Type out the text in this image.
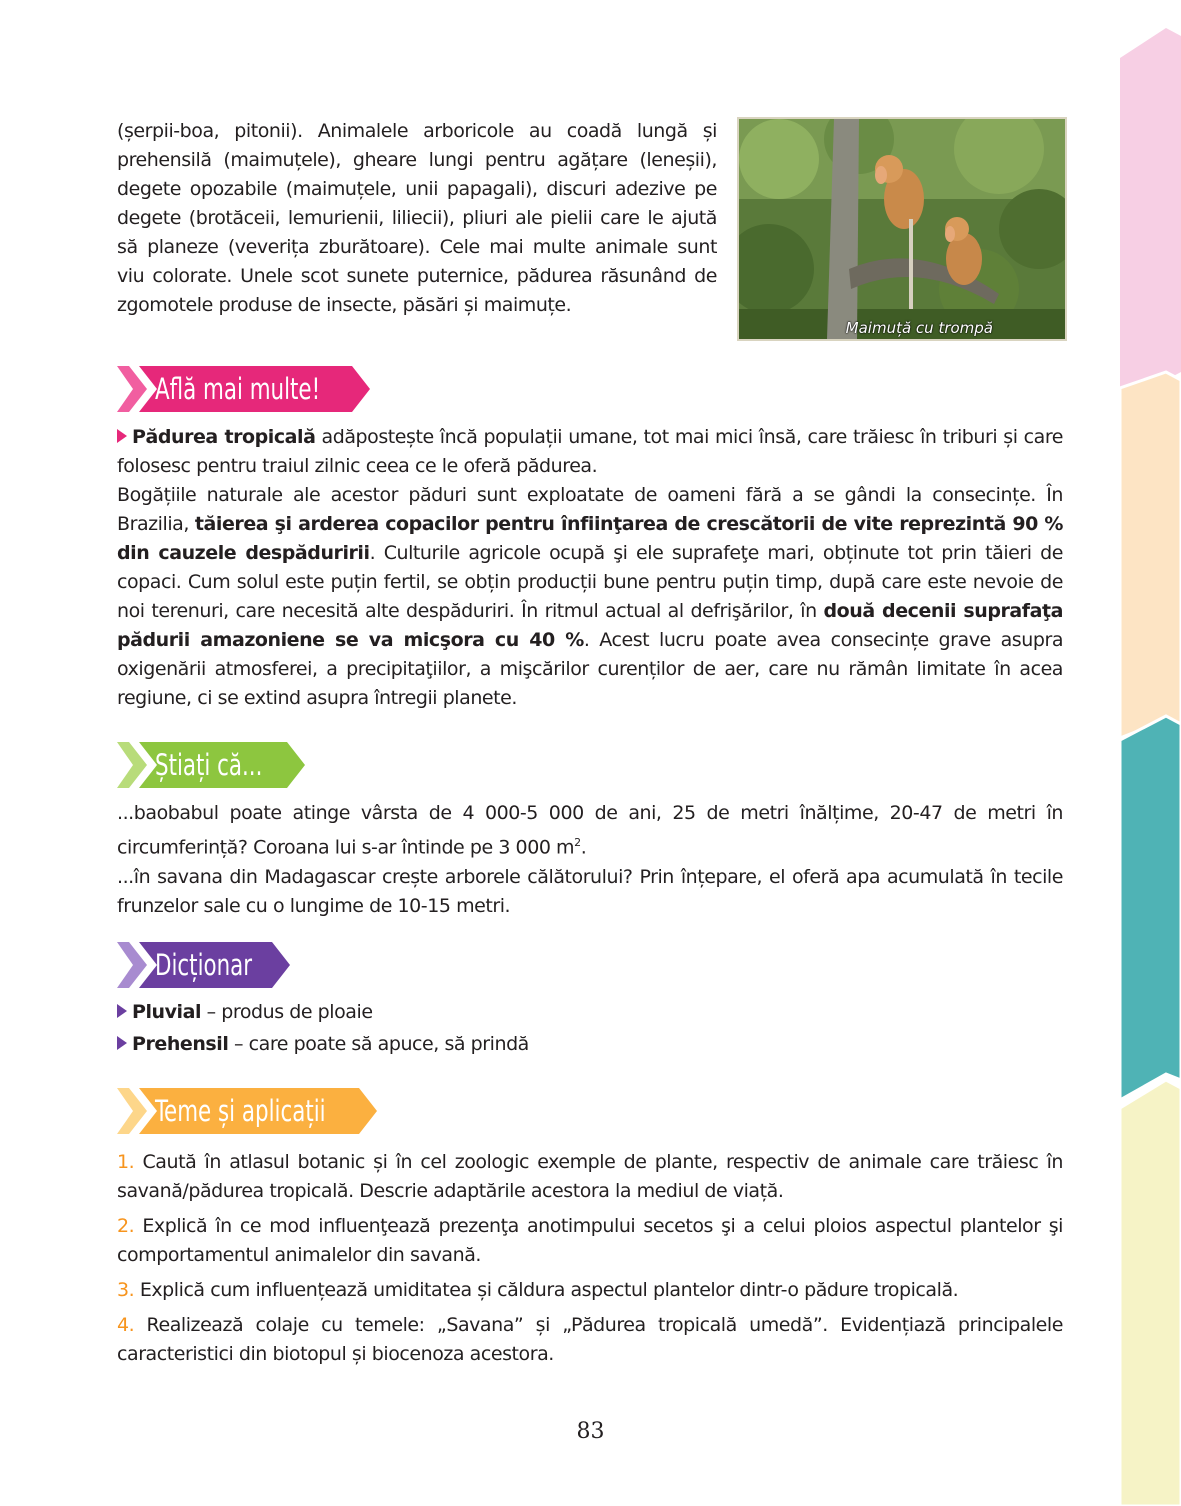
(șerpii-boa, pitonii). Animalele arboricole au coadă lungă și prehensilă (maimuțele), gheare lungi pentru agățare (leneșii), degete opozabile (maimuțele, unii papagali), discuri adezive pe degete (brotăceii, lemurienii, liliecii), pliuri ale pielii care le ajută să planeze (veverița zburătoare). Cele mai multe animale sunt viu colorate. Unele scot sunete puternice, pădurea răsunând de zgomotele produse de insecte, păsări și maimuțe.

Maimuță cu trompă
Află mai multe!

Pădurea tropicală adăpostește încă populații umane, tot mai mici însă, care trăiesc în triburi și care folosesc pentru traiul zilnic ceea ce le oferă pădurea.

Bogățiile naturale ale acestor păduri sunt exploatate de oameni fără a se gândi la consecințe. În Brazilia, tăierea şi arderea copacilor pentru înfiinţarea de crescătorii de vite reprezintă 90 % din cauzele despăduririi. Culturile agricole ocupă şi ele suprafeţe mari, obținute tot prin tăieri de copaci. Cum solul este puțin fertil, se obțin producții bune pentru puțin timp, după care este nevoie de noi terenuri, care necesită alte despăduriri. În ritmul actual al defrişărilor, în două decenii suprafaţa pădurii amazoniene se va micşora cu 40 %. Acest lucru poate avea consecințe grave asupra oxigenării atmosferei, a precipitaţiilor, a mişcărilor curenților de aer, care nu rămân limitate în acea regiune, ci se extind asupra întregii planete.

Știați că...

...baobabul poate atinge vârsta de 4 000-5 000 de ani, 25 de metri înălțime, 20-47 de metri în circumferință? Coroana lui s-ar întinde pe 3 000 $m^2$.

...în savana din Madagascar crește arborele călătorului? Prin înțepare, el oferă apa acumulată în tecile frunzelor sale cu o lungime de 10-15 metri.

Dicționar
Pluvial – produs de ploaie
Prehensil – care poate să apuce, să prindă
Teme și aplicații

1. Caută în atlasul botanic și în cel zoologic exemple de plante, respectiv de animale care trăiesc în savană/pădurea tropicală. Descrie adaptările acestora la mediul de viață.

2. Explică în ce mod influenţează prezenţa anotimpului secetos şi a celui ploios aspectul plantelor şi comportamentul animalelor din savană.

3. Explică cum influențează umiditatea și căldura aspectul plantelor dintr-o pădure tropicală.

4. Realizează colaje cu temele: „Savana” și „Pădurea tropicală umedă”. Evidențiază principalele caracteristici din biotopul și biocenoza acestora.

83
